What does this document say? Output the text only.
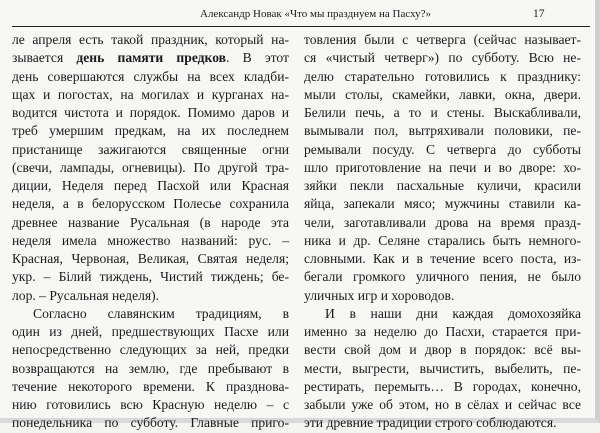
Александр Новак «Что мы празднуем на Пасху?»	17
ле апреля есть такой праздник, который на-
зывается день памяти предков. В этот
день совершаются службы на всех кладби-
щах и погостах, на могилах и курганах на-
водится чистота и порядок. Помимо даров и
треб умершим предкам, на их последнем
пристанище зажигаются священные огни
(свечи, лампады, огневицы). По другой тра-
диции, Неделя перед Пасхой или Красная
неделя, а в белорусском Полесье сохранила
древнее название Русальная (в народе эта
неделя имела множество названий: рус. –
Красная, Червоная, Великая, Святая неделя;
укр. – Білий тиждень, Чистий тиждень; бе-
лор. – Русальная неделя).
Согласно славянским традициям, в
один из дней, предшествующих Пасхе или
непосредственно следующих за ней, предки
возвращаются на землю, где пребывают в
течение некоторого времени. К празднова-
нию готовились всю Красную неделю – с
понедельника по субботу. Главные приго-
товления были с четверга (сейчас называет-
ся «чистый четверг») по субботу. Всю не-
делю старательно готовились к празднику:
мыли столы, скамейки, лавки, окна, двери.
Белили печь, а то и стены. Выскабливали,
вымывали пол, вытряхивали половики, пе-
ремывали посуду. С четверга до субботы
шло приготовление на печи и во дворе: хо-
зяйки пекли пасхальные куличи, красили
яйца, запекали мясо; мужчины ставили ка-
чели, заготавливали дрова на время празд-
ника и др. Селяне старались быть немного-
словными. Как и в течение всего поста, из-
бегали громкого уличного пения, не было
уличных игр и хороводов.
И в наши дни каждая домохозяйка
именно за неделю до Пасхи, старается при-
вести свой дом и двор в порядок: всё вы-
мести, выгрести, вычистить, выбелить, пе-
рестирать, перемыть… В городах, конечно,
забыли уже об этом, но в сёлах и сейчас все
эти древние традиции строго соблюдаются.
